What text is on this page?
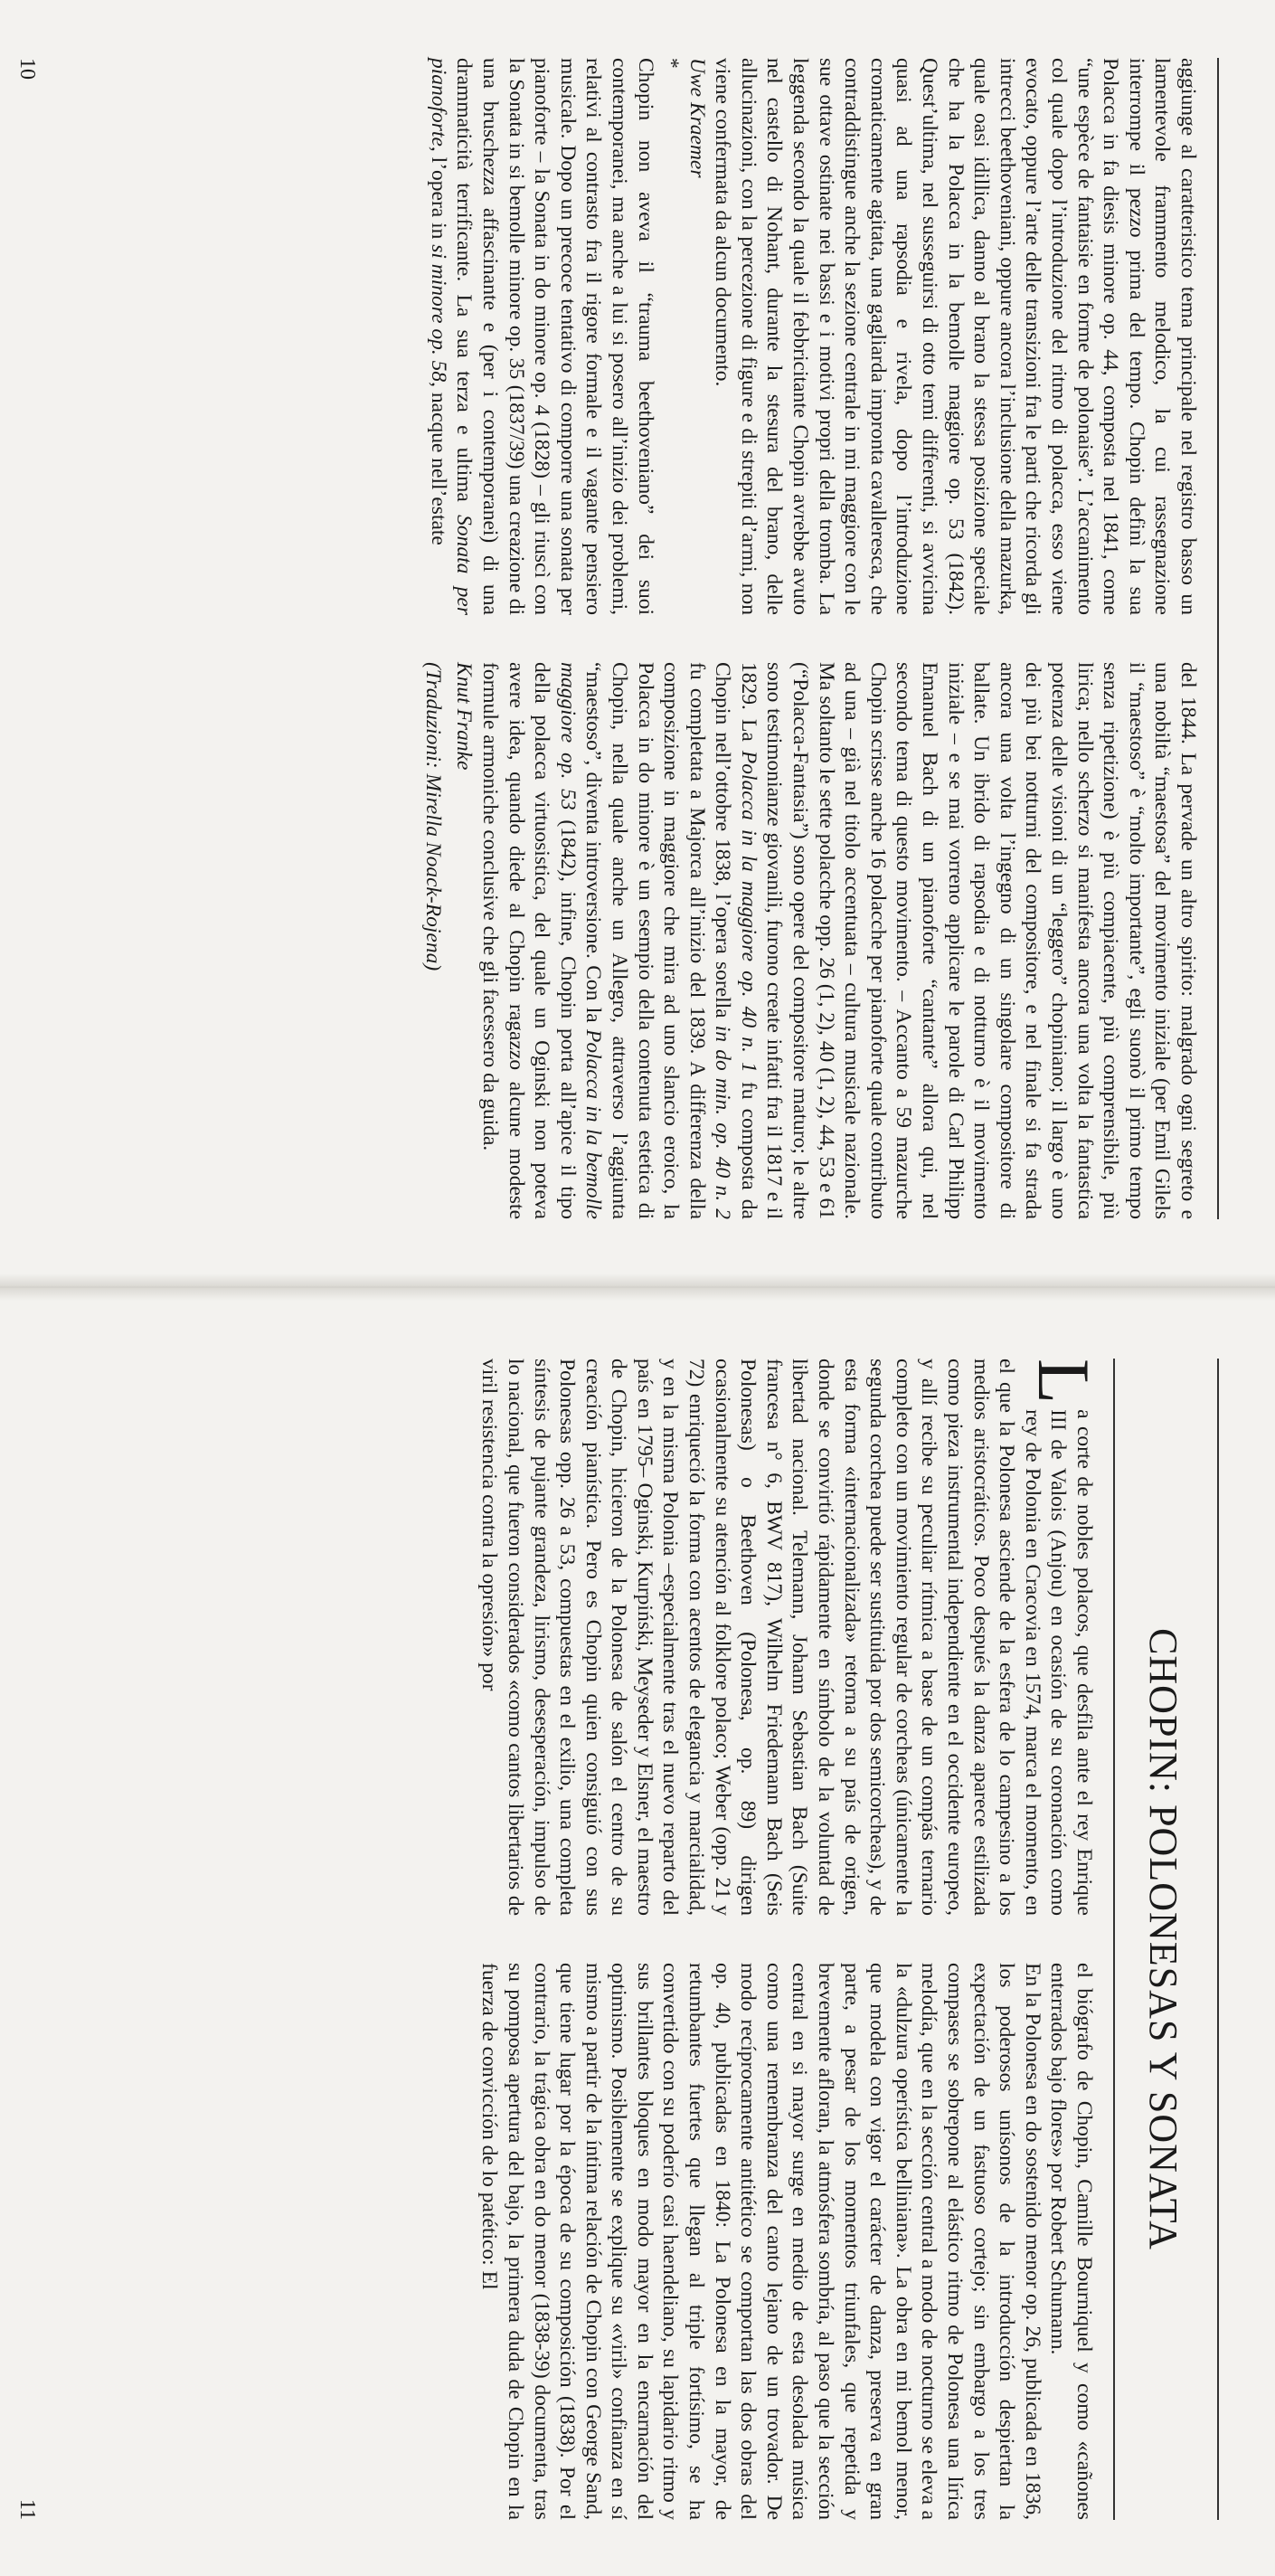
aggiunge al caratteristico tema principale nel registro basso un lamentevole frammento melodico, la cui rassegnazione interrompe il pezzo prima del tempo. Chopin definì la sua Polacca in fa diesis minore op. 44, composta nel 1841, come “une espèce de fantaisie en forme de polonaise”. L’accanimento col quale dopo l’introduzione del ritmo di polacca, esso viene evocato, oppure l’arte delle transizioni fra le parti che ricorda gli intrecci beethoveniani, oppure ancora l’inclusione della mazurka, quale oasi idillica, danno al brano la stessa posizione speciale che ha la Polacca in la bemolle maggiore op. 53 (1842). Quest’ultima, nel susseguirsi di otto temi differenti, si avvicina quasi ad una rapsodia e rivela, dopo l’introduzione cromaticamente agitata, una gagliarda impronta cavalleresca, che contraddistingue anche la sezione centrale in mi maggiore con le sue ottave ostinate nei bassi e i motivi propri della tromba. La leggenda secondo la quale il febbricitante Chopin avrebbe avuto nel castello di Nohant, durante la stesura del brano, delle allucinazioni, con la percezione di figure e di strepiti d’armi, non viene confermata da alcun documento.

Uwe Kraemer

*

Chopin non aveva il “trauma beethoveniano” dei suoi contemporanei, ma anche a lui si posero all’inizio dei problemi, relativi al contrasto fra il rigore formale e il vagante pensiero musicale. Dopo un precoce tentativo di comporre una sonata per pianoforte – la Sonata in do minore op. 4 (1828) – gli riuscì con la Sonata in si bemolle minore op. 35 (1837/39) una creazione di una bruschezza affascinante e (per i contemporanei) di una drammaticità terrificante. La sua terza e ultima Sonata per pianoforte, l’opera in si minore op. 58, nacque nell’estate

del 1844. La pervade un altro spirito: malgrado ogni segreto e una nobiltà “maestosa” del movimento iniziale (per Emil Gilels il “maestoso” è “molto importante”, egli suonò il primo tempo senza ripetizione) è più compiacente, più comprensibile, più lirica; nello scherzo si manifesta ancora una volta la fantastica potenza delle visioni di un “leggero” chopiniano; il largo è uno dei più bei notturni del compositore, e nel finale si fa strada ancora una volta l’ingegno di un singolare compositore di ballate. Un ibrido di rapsodia e di notturno è il movimento iniziale – e se mai vorreno applicare le parole di Carl Philipp Emanuel Bach di un pianoforte “cantante” allora qui, nel secondo tema di questo movimento. – Accanto a 59 mazurche Chopin scrisse anche 16 polacche per pianoforte quale contributo ad una – già nel titolo accentuata – cultura musicale nazionale. Ma soltanto le sette polacche opp. 26 (1, 2), 40 (1, 2), 44, 53 e 61 (“Polacca-Fantasia”) sono opere del compositore maturo; le altre sono testimonianze giovanili, furono create infatti fra il 1817 e il 1829. La Polacca in la maggiore op. 40 n. 1 fu composta da Chopin nell’ottobre 1838, l’opera sorella in do min. op. 40 n. 2 fu completata a Majorca all’inizio del 1839. A differenza della composizione in maggiore che mira ad uno slancio eroico, la Polacca in do minore è un esempio della contenuta estetica di Chopin, nella quale anche un Allegro, attraverso l’aggiunta “maestoso”, diventa introversione. Con la Polacca in la bemolle maggiore op. 53 (1842), infine, Chopin porta all’apice il tipo della polacca virtuosistica, del quale un Oginski non poteva avere idea, quando diede al Chopin ragazzo alcune modeste formule armoniche conclusive che gli facessero da guida.

Knut Franke

(Traduzioni: Mirella Noack-Rojena)

10
CHOPIN: POLONESAS Y SONATA

L
a corte de nobles polacos, que desfila ante el rey Enrique III de Valois (Anjou) en ocasión de su coronación como rey de Polonia en Cracovia en 1574, marca el momento, en el que la Polonesa asciende de la esfera de lo campesino a los medios aristocráticos. Poco después la danza aparece estilizada como pieza instrumental independiente en el occidente europeo, y allí recibe su peculiar rítmica a base de un compás ternario completo con un movimiento regular de corcheas (únicamente la segunda corchea puede ser sustituida por dos semicorcheas), y de esta forma «internacionalizada» retorna a su país de origen, donde se convirtió rápidamente en símbolo de la voluntad de libertad nacional. Telemann, Johann Sebastian Bach (Suite francesa n° 6, BWV 817), Wilhelm Friedemann Bach (Seis Polonesas) o Beethoven (Polonesa, op. 89) dirigen ocasionalmente su atención al folklore polaco; Weber (opp. 21 y 72) enriqueció la forma con acentos de elegancia y marcialidad, y en la misma Polonia –especialmente tras el nuevo reparto del país en 1795– Oginski, Kurpiński, Meyseder y Elsner, el maestro de Chopin, hicieron de la Polonesa de salón el centro de su creación pianística. Pero es Chopin quien consiguió con sus Polonesas opp. 26 a 53, compuestas en el exilio, una completa síntesis de pujante grandeza, lirismo, desesperación, impulso de lo nacional, que fueron considerados «como cantos libertarios de viril resistencia contra la opresión» por

el biógrafo de Chopin, Camille Bourniquel y como «cañones enterrados bajo flores» por Robert Schumann.

En la Polonesa en do sostenido menor op. 26, publicada en 1836, los poderosos unísonos de la introducción despiertan la expectación de un fastuoso cortejo; sin embargo a los tres compases se sobrepone al elástico ritmo de Polonesa una lírica melodía, que en la sección central a modo de nocturno se eleva a la «dulzura operística belliniana». La obra en mi bemol menor, que modela con vigor el carácter de danza, preserva en gran parte, a pesar de los momentos triunfales, que repetida y brevemente afloran, la atmósfera sombría, al paso que la sección central en si mayor surge en medio de esta desolada música como una remembranza del canto lejano de un trovador. De modo recíprocamente antitético se comportan las dos obras del op. 40, publicadas en 1840: La Polonesa en la mayor, de retumbantes fuertes que llegan al triple fortísimo, se ha convertido con su poderío casi haendeliano, su lapidario ritmo y sus brillantes bloques en modo mayor en la encarnación del optimismo. Posiblemente se explique su «viril» confianza en sí mismo a partir de la íntima relación de Chopin con George Sand, que tiene lugar por la época de su composición (1838). Por el contrario, la trágica obra en do menor (1838-39) documenta, tras su pomposa apertura del bajo, la primera duda de Chopin en la fuerza de convicción de lo patético: El

11
